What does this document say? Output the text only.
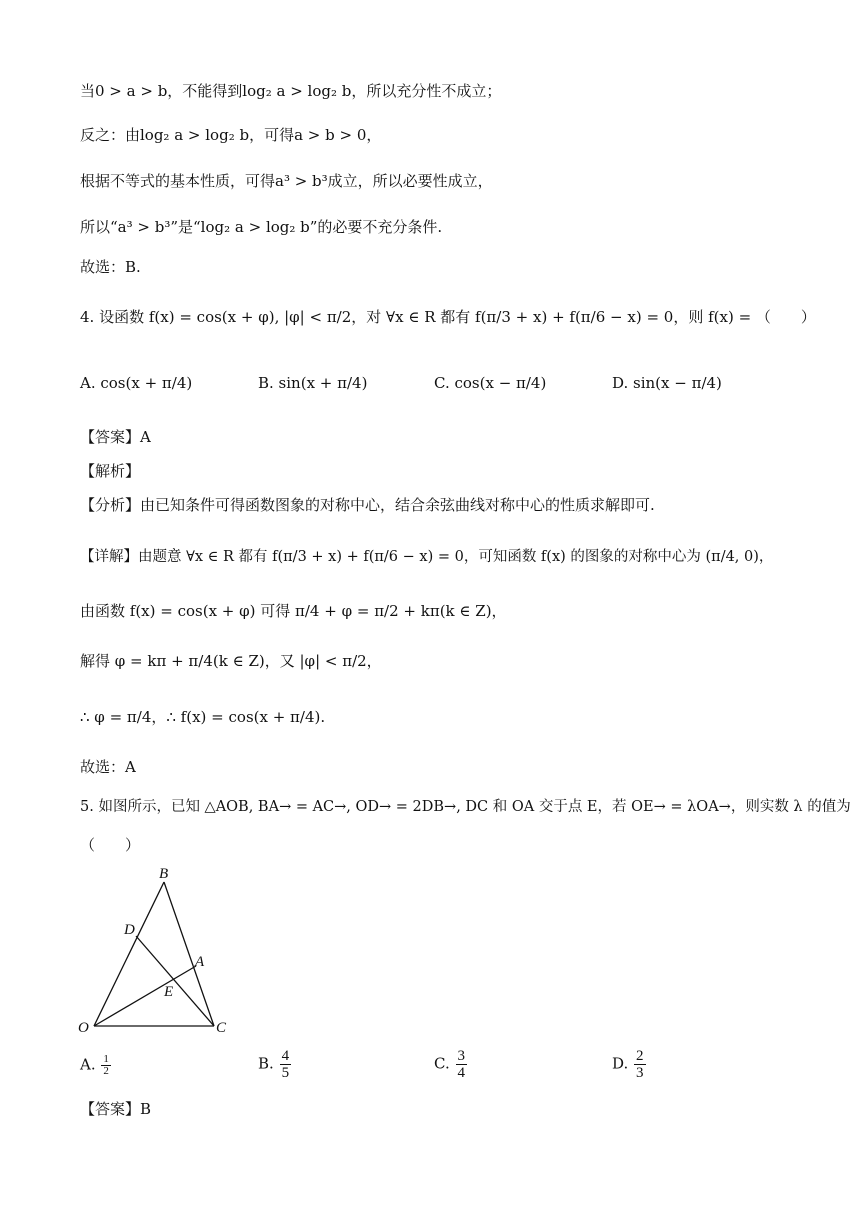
当0 > a > b，不能得到log₂ a > log₂ b，所以充分性不成立；
反之：由log₂ a > log₂ b，可得a > b > 0，
根据不等式的基本性质，可得a³ > b³成立，所以必要性成立，
所以“a³ > b³”是“log₂ a > log₂ b”的必要不充分条件.
故选：B.
4. 设函数 f(x) = cos(x + φ), |φ| < π/2，对 ∀x ∈ R 都有 f(π/3 + x) + f(π/6 − x) = 0，则 f(x) = （　　）
A. cos(x + π/4)	B. sin(x + π/4)	C. cos(x − π/4)	D. sin(x − π/4)
【答案】A
【解析】
【分析】由已知条件可得函数图象的对称中心，结合余弦曲线对称中心的性质求解即可.
【详解】由题意 ∀x ∈ R 都有 f(π/3 + x) + f(π/6 − x) = 0，可知函数 f(x) 的图象的对称中心为 (π/4, 0)，
由函数 f(x) = cos(x + φ) 可得 π/4 + φ = π/2 + kπ(k ∈ Z)，
解得 φ = kπ + π/4(k ∈ Z)，又 |φ| < π/2，
∴ φ = π/4，∴ f(x) = cos(x + π/4).
故选：A
5. 如图所示，已知 △AOB, BA→ = AC→, OD→ = 2DB→, DC 和 OA 交于点 E，若 OE→ = λOA→，则实数 λ 的值为
（　　）
B
D
A
E
O	C
A. $\frac{1}{2}$	B. $\frac{4}{5}$	C. $\frac{3}{4}$	D. $\frac{2}{3}$
【答案】B
